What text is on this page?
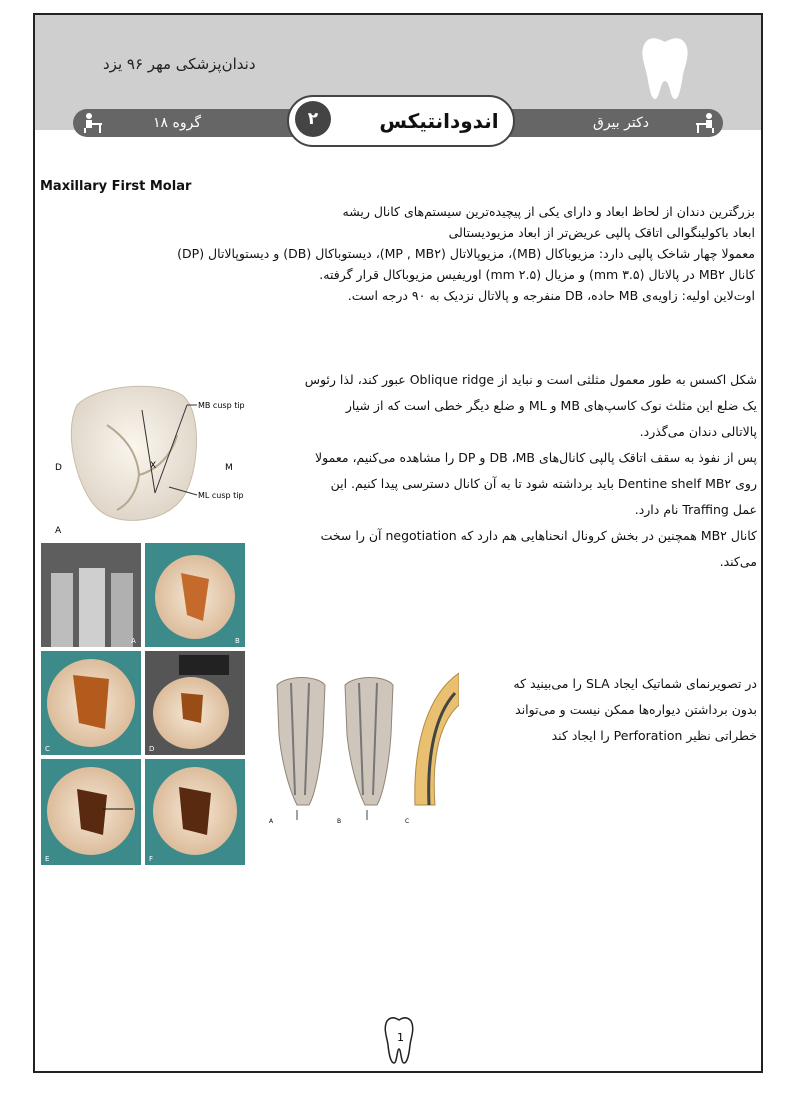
دندان‌پزشکی مهر ۹۶ یزد
گروه ۱۸	دکتر بیرق
۲	اندودانتیکس
Maxillary First Molar

بزرگترین دندان از لحاظ ابعاد و دارای یکی از پیچیده‌ترین سیستم‌های کانال ریشه

ابعاد باکولینگوالی اتاقک پالپی عریض‌تر از ابعاد مزیودیستالی

معمولا چهار شاخک پالپی دارد: مزیوباکال (MB)، مزیوپالاتال (MP , MB۲)، دیستوباکال (DB) و دیستوپالاتال (DP)

کانال MB۲ در پالاتال (۳.۵ mm) و مزیال (۲.۵ mm) اوریفیس مزیوباکال قرار گرفته.

اوت‌لاین اولیه: زاویه‌ی MB حاده، DB منفرجه و پالاتال نزدیک به ۹۰ درجه است.

MB cusp tip
ML cusp tip
D	M
X
A

شکل اکسس به طور معمول مثلثی است و نباید از Oblique ridge عبور کند، لذا رئوس

یک ضلع این مثلث نوک کاسپ‌های MB و ML و ضلع دیگر خطی است که از شیار

پالاتالی دندان می‌گذرد.

پس از نفوذ به سقف اتاقک پالپی کانال‌های DB ،MB و DP را مشاهده می‌کنیم، معمولا

روی Dentine shelf MB۲ باید برداشته شود تا به آن کانال دسترسی پیدا کنیم. این

عمل Traffing نام دارد.

کانال MB۲ همچنین در بخش کرونال انحناهایی هم دارد که negotiation آن را سخت

می‌کند.

A	B
C	D
E	F
A	B	C

در تصویرنمای شماتیک ایجاد SLA را می‌بینید که

بدون برداشتن دیواره‌ها ممکن نیست و می‌تواند

خطراتی نظیر Perforation را ایجاد کند

1
